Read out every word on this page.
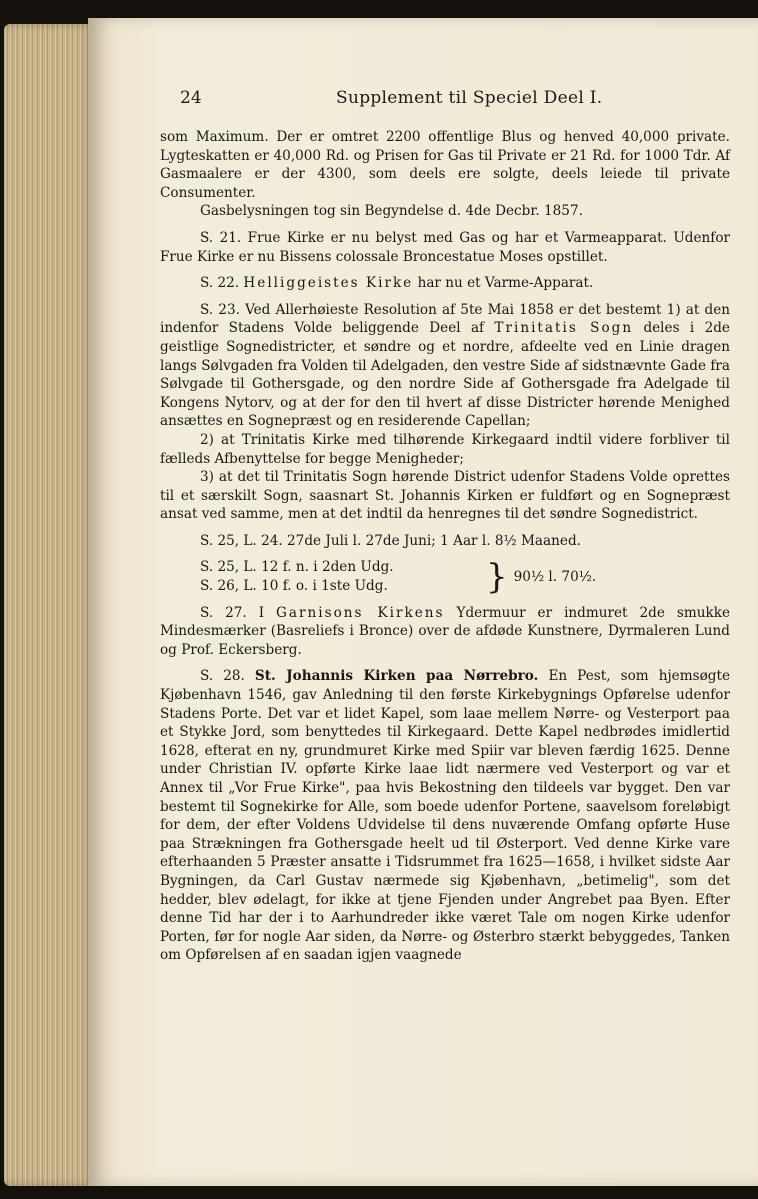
24	Supplement til Speciel Deel I.

som Maximum. Der er omtret 2200 offentlige Blus og henved 40,000 private. Lygteskatten er 40,000 Rd. og Prisen for Gas til Private er 21 Rd. for 1000 Tdr. Af Gasmaalere er der 4300, som deels ere solgte, deels leiede til private Consumenter.

Gasbelysningen tog sin Begyndelse d. 4de Decbr. 1857.

S. 21. Frue Kirke er nu belyst med Gas og har et Varmeapparat. Udenfor Frue Kirke er nu Bissens colossale Broncestatue Moses opstillet.

S. 22. Helliggeistes Kirke har nu et Varme-Apparat.

S. 23. Ved Allerhøieste Resolution af 5te Mai 1858 er det bestemt 1) at den indenfor Stadens Volde beliggende Deel af Trinitatis Sogn deles i 2de geistlige Sognedistricter, et søndre og et nordre, afdeelte ved en Linie dragen langs Sølvgaden fra Volden til Adelgaden, den vestre Side af sidstnævnte Gade fra Sølvgade til Gothersgade, og den nordre Side af Gothersgade fra Adelgade til Kongens Nytorv, og at der for den til hvert af disse Districter hørende Menighed ansættes en Sognepræst og en residerende Capellan;

2) at Trinitatis Kirke med tilhørende Kirkegaard indtil videre forbliver til fælleds Afbenyttelse for begge Menigheder;

3) at det til Trinitatis Sogn hørende District udenfor Stadens Volde oprettes til et særskilt Sogn, saasnart St. Johannis Kirken er fuldført og en Sognepræst ansat ved samme, men at det indtil da henregnes til det søndre Sognedistrict.

S. 25, L. 24. 27de Juli l. 27de Juni; 1 Aar l. 8½ Maaned.

S. 25, L. 12 f. n. i 2den Udg.
S. 26, L. 10 f. o. i 1ste Udg.	} 90½ l. 70½.

S. 27. I Garnisons Kirkens Ydermuur er indmuret 2de smukke Mindesmærker (Basreliefs i Bronce) over de afdøde Kunstnere, Dyrmaleren Lund og Prof. Eckersberg.

S. 28. St. Johannis Kirken paa Nørrebro. En Pest, som hjemsøgte Kjøbenhavn 1546, gav Anledning til den første Kirkebygnings Opførelse udenfor Stadens Porte. Det var et lidet Kapel, som laae mellem Nørre- og Vesterport paa et Stykke Jord, som benyttedes til Kirkegaard. Dette Kapel nedbrødes imidlertid 1628, efterat en ny, grundmuret Kirke med Spiir var bleven færdig 1625. Denne under Christian IV. opførte Kirke laae lidt nærmere ved Vesterport og var et Annex til „Vor Frue Kirke", paa hvis Bekostning den tildeels var bygget. Den var bestemt til Sognekirke for Alle, som boede udenfor Portene, saavelsom foreløbigt for dem, der efter Voldens Udvidelse til dens nuværende Omfang opførte Huse paa Strækningen fra Gothersgade heelt ud til Østerport. Ved denne Kirke vare efterhaanden 5 Præster ansatte i Tidsrummet fra 1625—1658, i hvilket sidste Aar Bygningen, da Carl Gustav nærmede sig Kjøbenhavn, „betimelig", som det hedder, blev ødelagt, for ikke at tjene Fjenden under Angrebet paa Byen. Efter denne Tid har der i to Aarhundreder ikke været Tale om nogen Kirke udenfor Porten, før for nogle Aar siden, da Nørre- og Østerbro stærkt bebyggedes, Tanken om Opførelsen af en saadan igjen vaagnede
